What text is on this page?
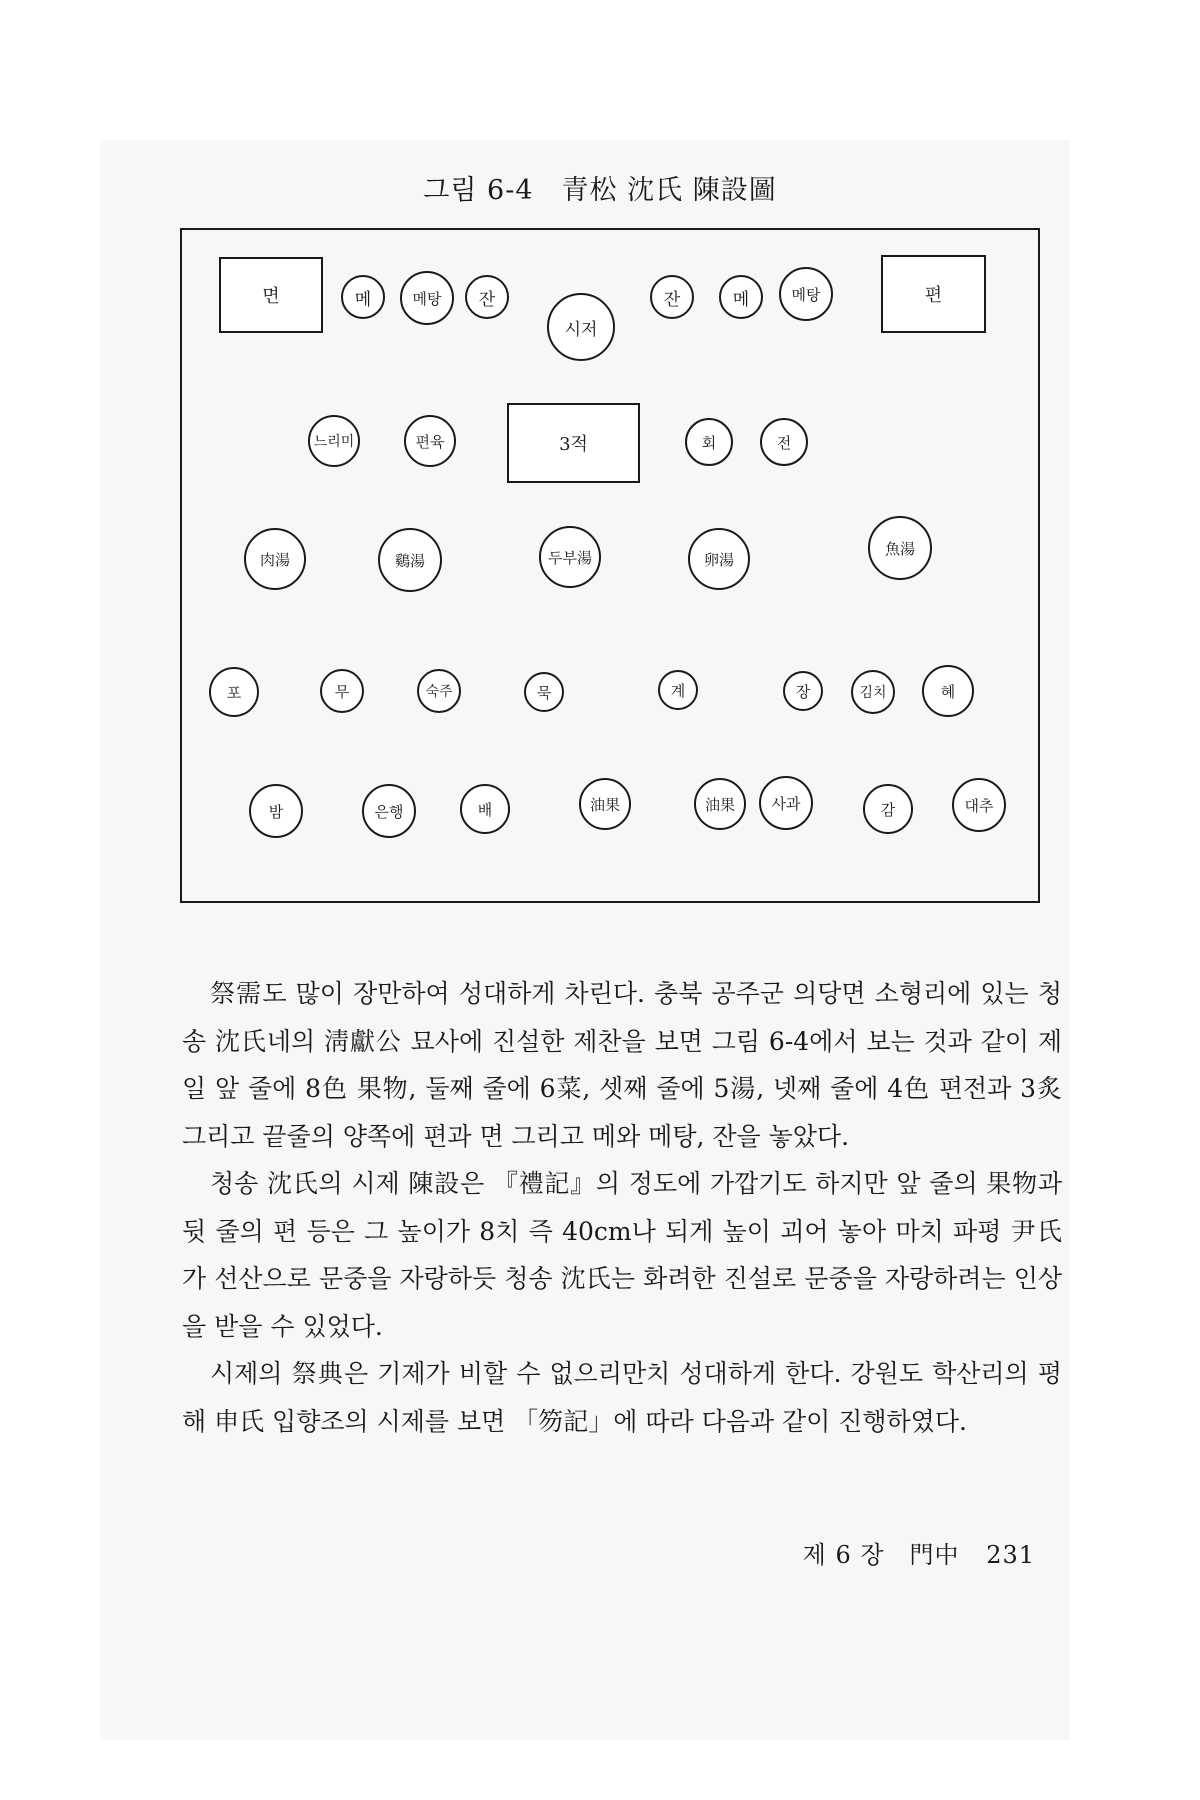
그림 6-4　青松 沈氏 陳設圖
면	메	메탕	잔
시저
잔	메	메탕	편
느리미	편육	3적	회	전
肉湯	鷄湯	두부湯	卵湯
魚湯
포	무	숙주	묵	계	장	김치	혜
밤	은행	배	油果	油果	사과	감	대추

祭需도 많이 장만하여 성대하게 차린다. 충북 공주군 의당면 소형리에 있는 청송 沈氏네의 淸獻公 묘사에 진설한 제찬을 보면 그림 6-4에서 보는 것과 같이 제일 앞 줄에 8色 果物, 둘째 줄에 6菜, 셋째 줄에 5湯, 넷째 줄에 4色 편전과 3炙 그리고 끝줄의 양쪽에 편과 면 그리고 메와 메탕, 잔을 놓았다.

청송 沈氏의 시제 陳設은 『禮記』의 정도에 가깝기도 하지만 앞 줄의 果物과 뒷 줄의 편 등은 그 높이가 8치 즉 40cm나 되게 높이 괴어 놓아 마치 파평 尹氏가 선산으로 문중을 자랑하듯 청송 沈氏는 화려한 진설로 문중을 자랑하려는 인상을 받을 수 있었다.

시제의 祭典은 기제가 비할 수 없으리만치 성대하게 한다. 강원도 학산리의 평해 申氏 입향조의 시제를 보면 「笏記」에 따라 다음과 같이 진행하였다.

제 6 장　門中 231
